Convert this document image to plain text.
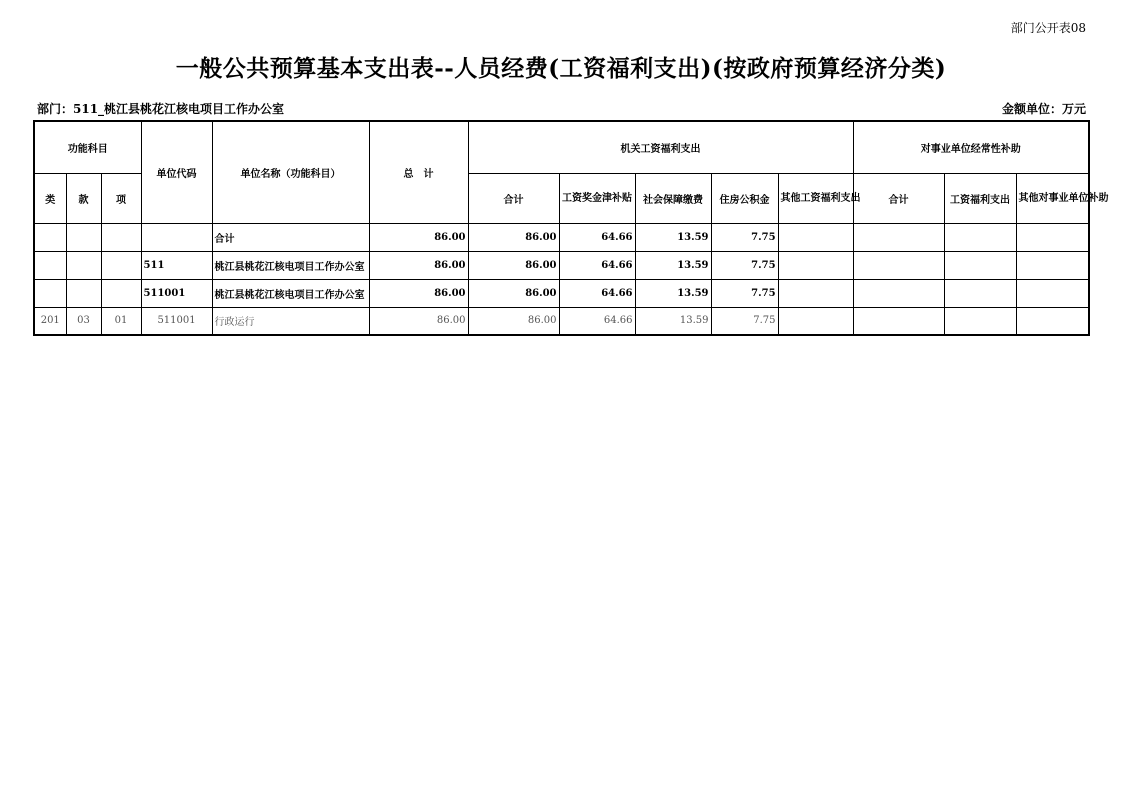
部门公开表08
一般公共预算基本支出表--人员经费(工资福利支出)(按政府预算经济分类)
部门：511_桃江县桃花江核电项目工作办公室	金额单位：万元
功能科目			单位代码	单位名称（功能科目）	总　计	机关工资福利支出					对事业单位经常性补助		
类	款	项				合计	工资奖金津补贴	社会保障缴费	住房公积金	其他工资福利支出	合计	工资福利支出	其他对事业单位补助
				合计	86.00	86.00	64.66	13.59	7.75				
			511	桃江县桃花江核电项目工作办公室	86.00	86.00	64.66	13.59	7.75				
			511001	桃江县桃花江核电项目工作办公室	86.00	86.00	64.66	13.59	7.75				
201	03	01	511001	行政运行	86.00	86.00	64.66	13.59	7.75				
